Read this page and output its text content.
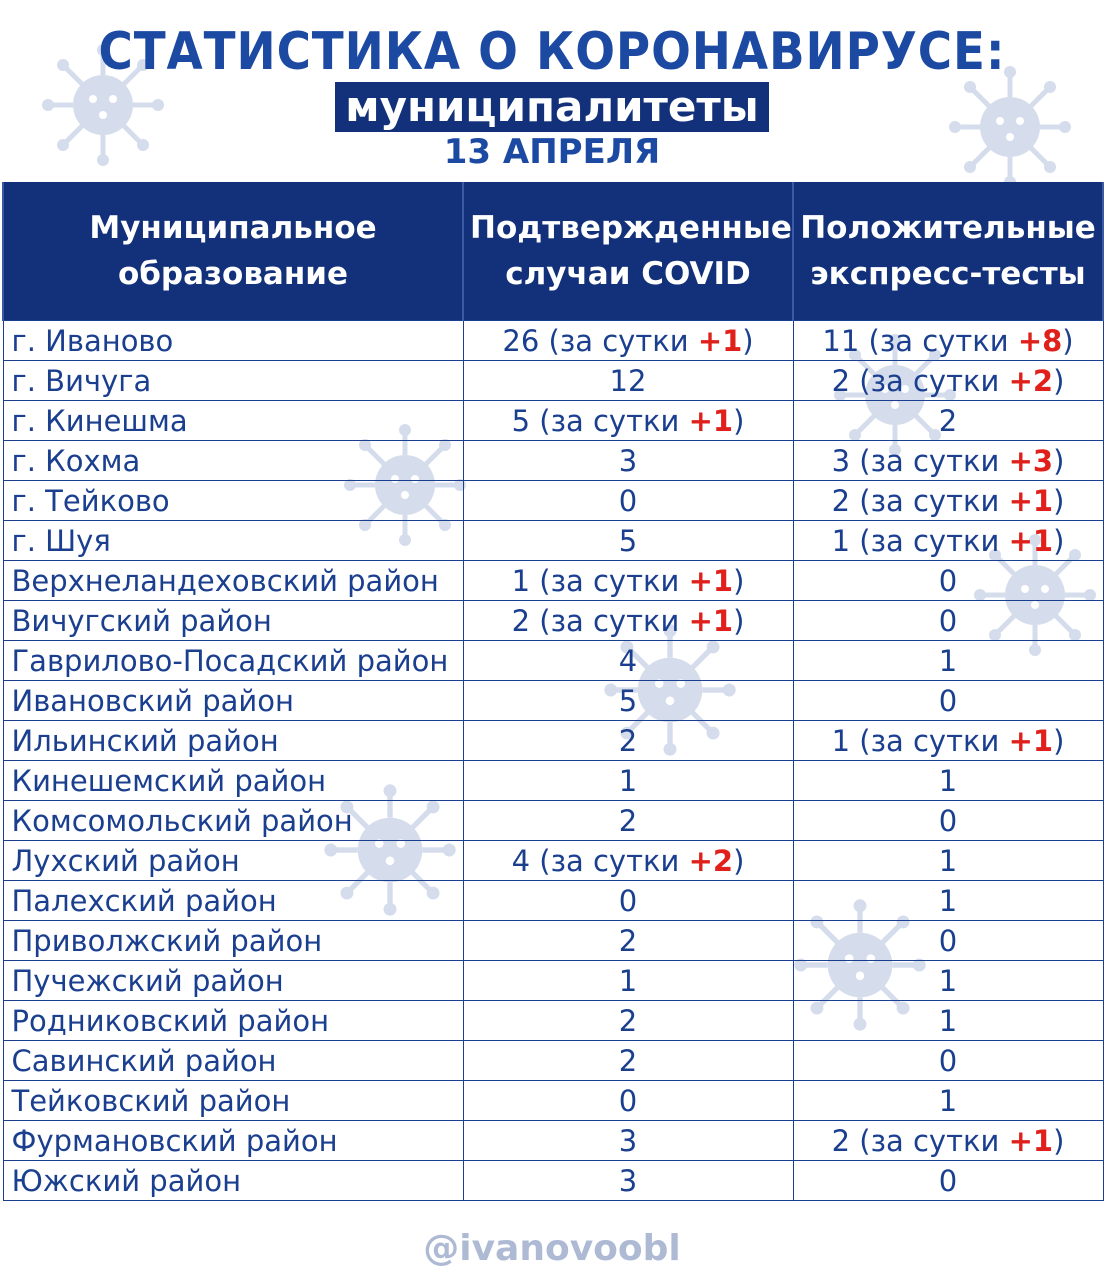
СТАТИСТИКА О КОРОНАВИРУСЕ:
муниципалитеты
13 АПРЕЛЯ
Муниципальное образование	Подтвержденные случаи COVID	Положительные экспресс-тесты
г. Иваново	26 (за сутки +1)	11 (за сутки +8)
г. Вичуга	12	2 (за сутки +2)
г. Кинешма	5 (за сутки +1)	2
г. Кохма	3	3 (за сутки +3)
г. Тейково	0	2 (за сутки +1)
г. Шуя	5	1 (за сутки +1)
Верхнеландеховский район	1 (за сутки +1)	0
Вичугский район	2 (за сутки +1)	0
Гаврилово-Посадский район	4	1
Ивановский район	5	0
Ильинский район	2	1 (за сутки +1)
Кинешемский район	1	1
Комсомольский район	2	0
Лухский район	4 (за сутки +2)	1
Палехский район	0	1
Приволжский район	2	0
Пучежский район	1	1
Родниковский район	2	1
Савинский район	2	0
Тейковский район	0	1
Фурмановский район	3	2 (за сутки +1)
Южский район	3	0
@ivanovoobl
